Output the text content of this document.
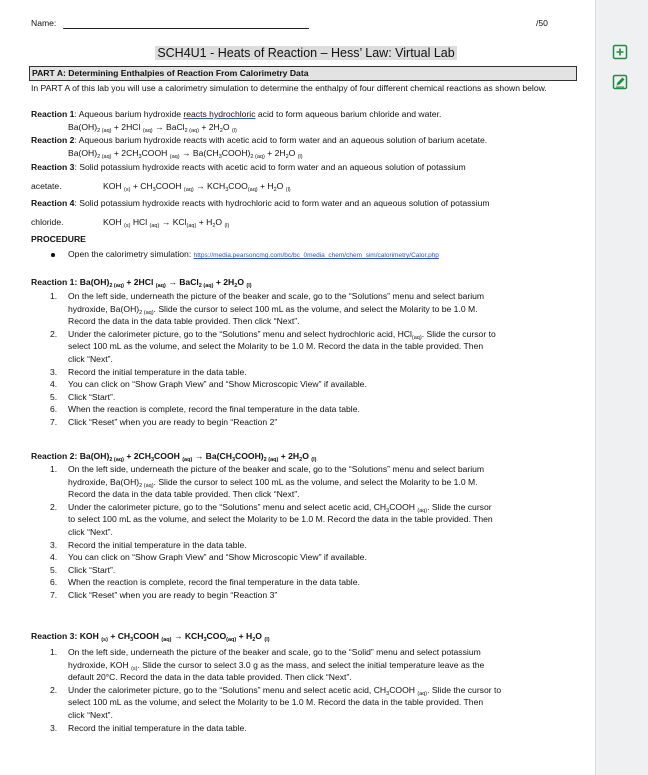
Name:	/50
SCH4U1 - Heats of Reaction – Hess’ Law: Virtual Lab
PART A: Determining Enthalpies of Reaction From Calorimetry Data
In PART A of this lab you will use a calorimetry simulation to determine the enthalpy of four different chemical reactions as shown below.
Reaction 1: Aqueous barium hydroxide reacts hydrochloric acid to form aqueous barium chloride and water.
$Ba(OH)_{2 (aq)} + 2HCl$ $_{(aq)}$ → BaCl$_{2 (aq)}$ + $2H_2O$ $_{(l)}$
Reaction 2: Aqueous barium hydroxide reacts with acetic acid to form water and an aqueous solution of barium acetate.
$Ba(OH)_{2 (aq)}$ + $2CH_3COOH$ $_{(aq)} \to Ba(CH_3COOH)_{2 (aq)} + 2H_2O$ $_{(l)}$
Reaction 3: Solid potassium hydroxide reacts with acetic acid to form water and an aqueous solution of potassium
acetate.	KOH $_{(s)} + CH_3COOH$ $_{(aq)} \to KCH_3COO_{(aq)} + H_2O$ $_{(l)}$
Reaction 4: Solid potassium hydroxide reacts with hydrochloric acid to form water and an aqueous solution of potassium
chloride.	KOH $_{(s)}$ HCl $_{(aq)} \to KCl_{(aq)} + H_2O$ $_{(l)}$
PROCEDURE
Open the calorimetry simulation: https://media.pearsoncmg.com/bc/bc_0media_chem/chem_sim/calorimetry/Calor.php
Reaction 1: $Ba(OH)_{2 (aq)} + 2HCl$ $_{(aq)}$ → BaCl$_{2 (aq)}$ + $2H_2O$ $_{(l)}$
1. On the left side, underneath the picture of the beaker and scale, go to the “Solutions” menu and select barium
hydroxide, $Ba(OH)_{2 (aq)}$. Slide the cursor to select 100 mL as the volume, and select the Molarity to be 1.0 M.
Record the data in the data table provided. Then click “Next”.
2. Under the calorimeter picture, go to the “Solutions” menu and select hydrochloric acid, HCl$_{(aq)}$. Slide the cursor to
select 100 mL as the volume, and select the Molarity to be 1.0 M. Record the data in the table provided. Then
click “Next”.
3. Record the initial temperature in the data table.
4. You can click on “Show Graph View” and “Show Microscopic View” if available.
5. Click “Start”.
6. When the reaction is complete, record the final temperature in the data table.
7. Click “Reset” when you are ready to begin “Reaction 2”
Reaction 2: $Ba(OH)_{2 (aq)}$ + $2CH_3COOH$ $_{(aq)} \to Ba(CH_3COOH)_{2 (aq)} + 2H_2O$ $_{(l)}$
1. On the left side, underneath the picture of the beaker and scale, go to the “Solutions” menu and select barium
hydroxide, $Ba(OH)_{2 (aq)}$. Slide the cursor to select 100 mL as the volume, and select the Molarity to be 1.0 M.
Record the data in the data table provided. Then click “Next”.
2. Under the calorimeter picture, go to the “Solutions” menu and select acetic acid, $CH_3COOH$ $_{(aq)}$. Slide the cursor
to select 100 mL as the volume, and select the Molarity to be 1.0 M. Record the data in the table provided. Then
click “Next”.
3. Record the initial temperature in the data table.
4. You can click on “Show Graph View” and “Show Microscopic View” if available.
5. Click “Start”.
6. When the reaction is complete, record the final temperature in the data table.
7. Click “Reset” when you are ready to begin “Reaction 3”
Reaction 3: KOH $_{(s)} + CH_3COOH$ $_{(aq)} \to KCH_3COO_{(aq)} + H_2O$ $_{(l)}$
1. On the left side, underneath the picture of the beaker and scale, go to the “Solid” menu and select potassium
hydroxide, KOH $_{(s)}$. Slide the cursor to select 3.0 g as the mass, and select the initial temperature leave as the
default 20°C. Record the data in the data table provided. Then click “Next”.
2. Under the calorimeter picture, go to the “Solutions” menu and select acetic acid, $CH_3COOH$ $_{(aq)}$. Slide the cursor to
select 100 mL as the volume, and select the Molarity to be 1.0 M. Record the data in the table provided. Then
click “Next”.
3. Record the initial temperature in the data table.
